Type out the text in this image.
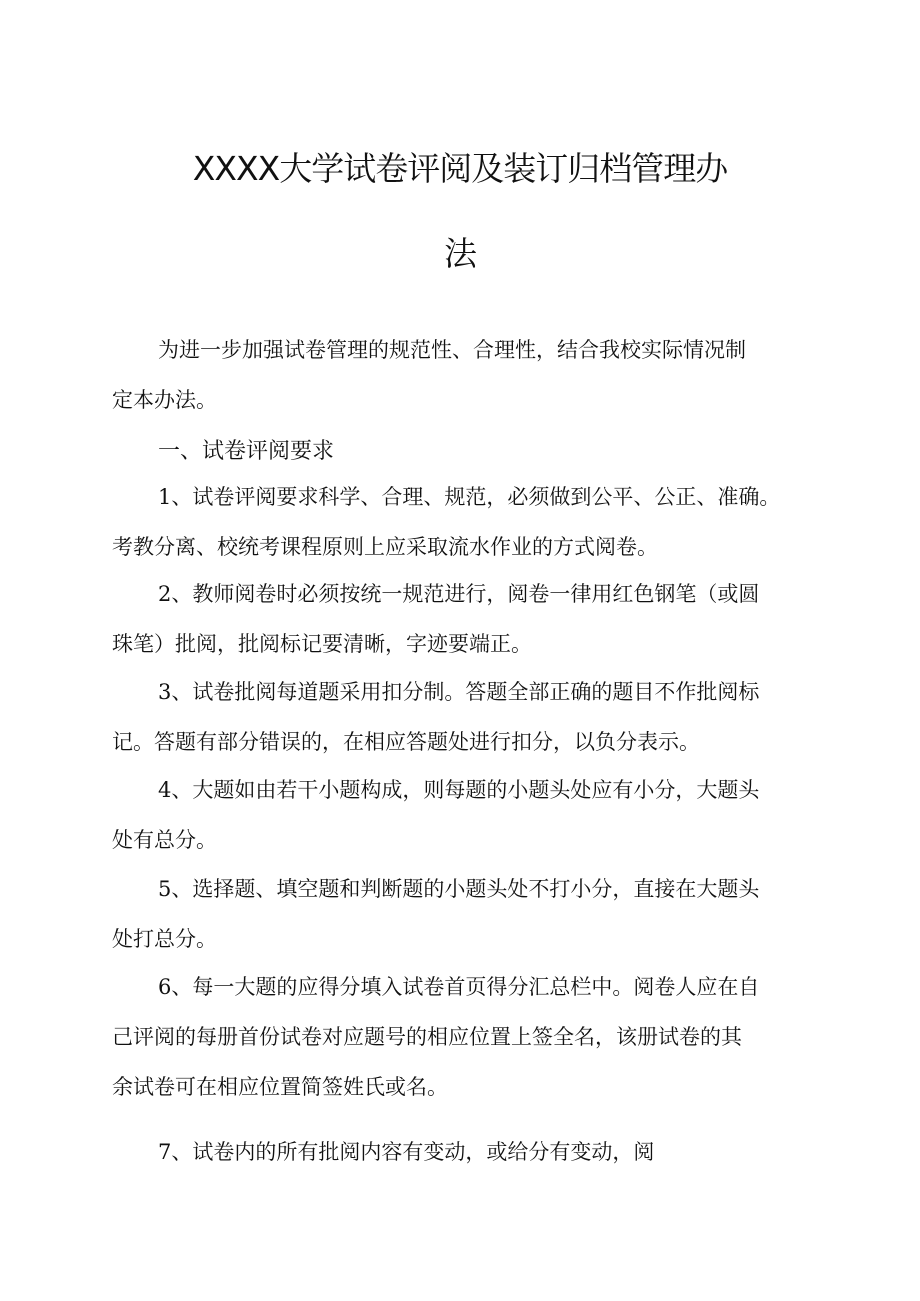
XXXX大学试卷评阅及装订归档管理办
法

为进一步加强试卷管理的规范性、合理性，结合我校实际情况制
定本办法。

一、试卷评阅要求

1、试卷评阅要求科学、合理、规范，必须做到公平、公正、准确。
考教分离、校统考课程原则上应采取流水作业的方式阅卷。

2、教师阅卷时必须按统一规范进行，阅卷一律用红色钢笔（或圆
珠笔）批阅，批阅标记要清晰，字迹要端正。

3、试卷批阅每道题采用扣分制。答题全部正确的题目不作批阅标
记。答题有部分错误的，在相应答题处进行扣分，以负分表示。

4、大题如由若干小题构成，则每题的小题头处应有小分，大题头
处有总分。

5、选择题、填空题和判断题的小题头处不打小分，直接在大题头
处打总分。

6、每一大题的应得分填入试卷首页得分汇总栏中。阅卷人应在自
己评阅的每册首份试卷对应题号的相应位置上签全名，该册试卷的其
余试卷可在相应位置简签姓氏或名。

7、试卷内的所有批阅内容有变动，或给分有变动，阅
